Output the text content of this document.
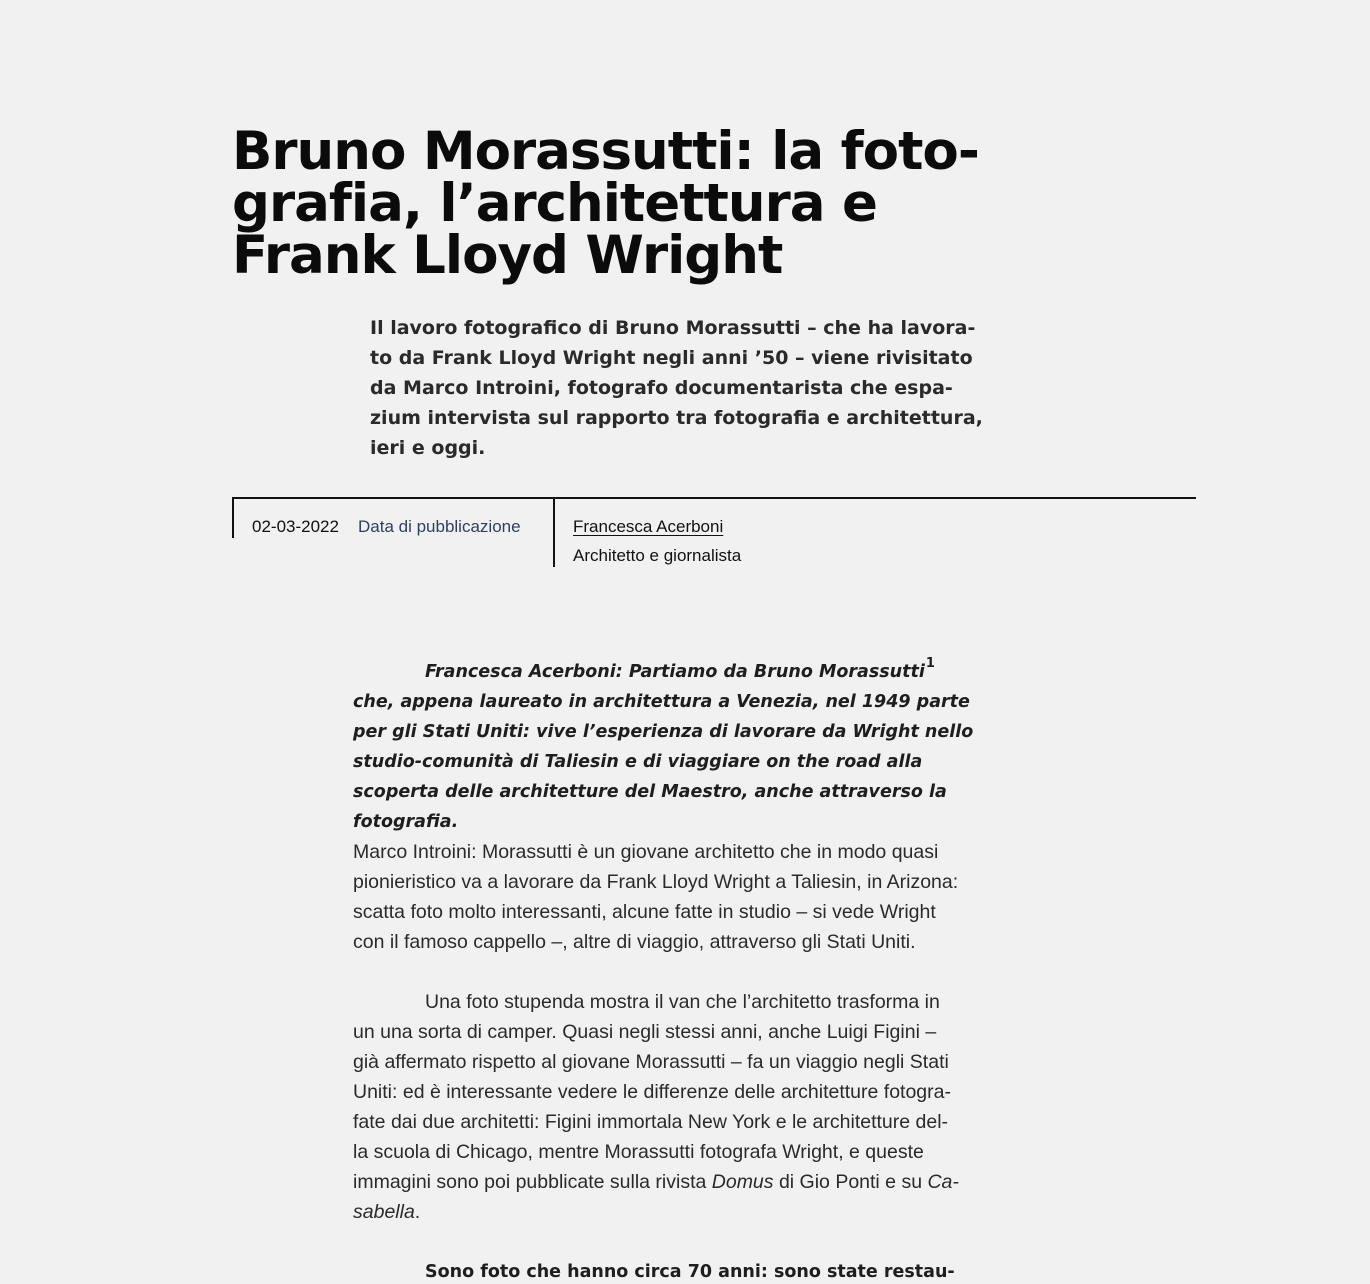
Bruno Morassutti: la foto-
grafia, l’architettura e
Frank Lloyd Wright

Il lavoro fotografico di Bruno Morassutti – che ha lavora-
to da Frank Lloyd Wright negli anni ’50 – viene rivisitato
da Marco Introini, fotografo documentarista che espa-
zium intervista sul rapporto tra fotografia e architettura,
ieri e oggi.

02-03-2022 Data di pubblicazione	Francesca Acerboni
Architetto e giornalista
Francesca Acerboni: Partiamo da Bruno Morassutti$^1$
che, appena laureato in architettura a Venezia, nel 1949 parte
per gli Stati Uniti: vive l’esperienza di lavorare da Wright nello
studio-comunità di Taliesin e di viaggiare on the road alla
scoperta delle architetture del Maestro, anche attraverso la
fotografia.
Marco Introini: Morassutti è un giovane architetto che in modo quasi
pionieristico va a lavorare da Frank Lloyd Wright a Taliesin, in Arizona:
scatta foto molto interessanti, alcune fatte in studio – si vede Wright
con il famoso cappello –, altre di viaggio, attraverso gli Stati Uniti.
Una foto stupenda mostra il van che l’architetto trasforma in
un una sorta di camper. Quasi negli stessi anni, anche Luigi Figini –
già affermato rispetto al giovane Morassutti – fa un viaggio negli Stati
Uniti: ed è interessante vedere le differenze delle architetture fotogra-
fate dai due architetti: Figini immortala New York e le architetture del-
la scuola di Chicago, mentre Morassutti fotografa Wright, e queste
immagini sono poi pubblicate sulla rivista Domus di Gio Ponti e su Ca-
sabella.
Sono foto che hanno circa 70 anni: sono state restau-
